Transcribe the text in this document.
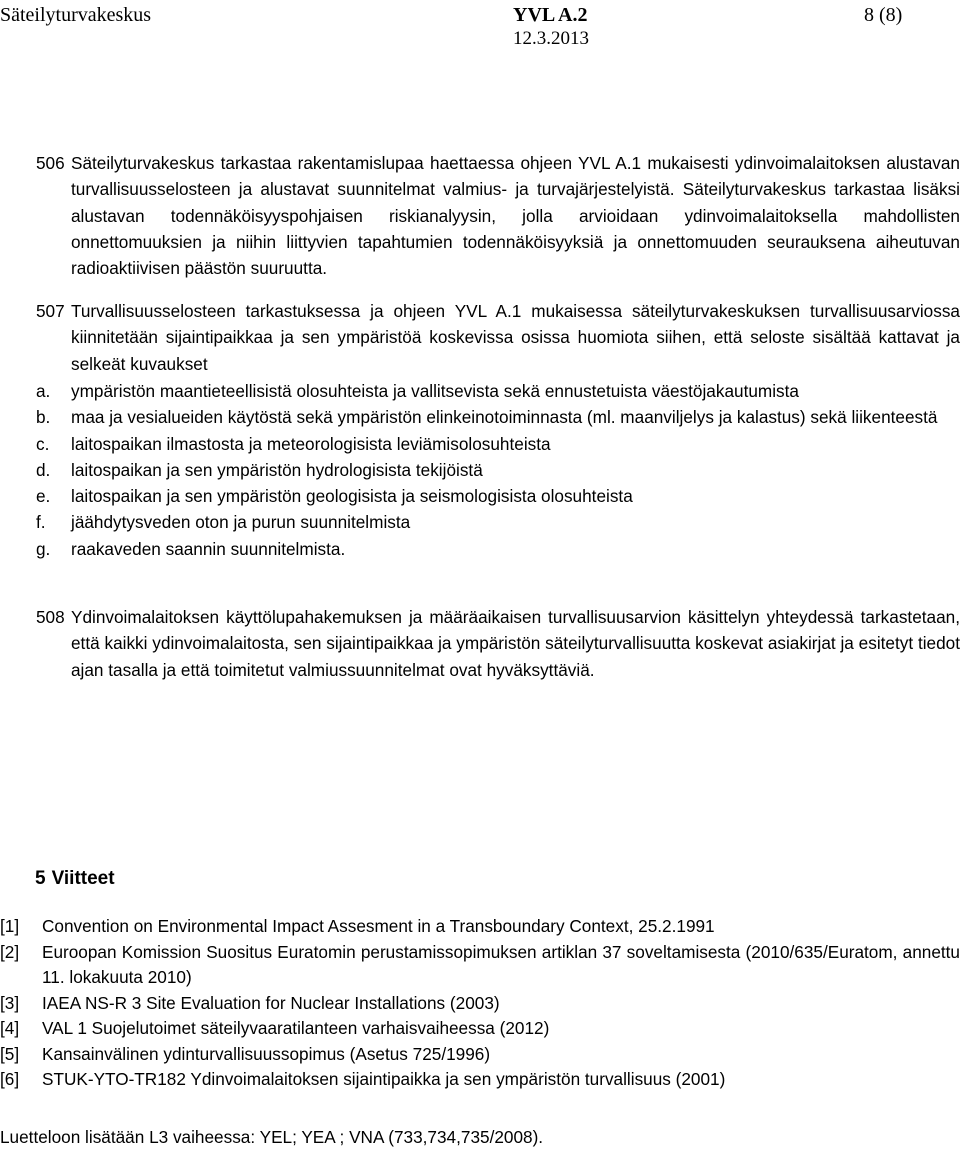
Säteilyturvakeskus	YVL A.2
12.3.2013
8 (8)
506 Säteilyturvakeskus tarkastaa rakentamislupaa haettaessa ohjeen YVL A.1 mukaisesti ydinvoimalaitoksen alustavan turvallisuusselosteen ja alustavat suunnitelmat valmius- ja turvajärjestelyistä. Säteilyturvakeskus tarkastaa lisäksi alustavan todennäköisyyspohjaisen riskianalyysin, jolla arvioidaan ydinvoimalaitoksella mahdollisten onnettomuuksien ja niihin liittyvien tapahtumien todennäköisyyksiä ja onnettomuuden seurauksena aiheutuvan radioaktiivisen päästön suuruutta.
507 Turvallisuusselosteen tarkastuksessa ja ohjeen YVL A.1 mukaisessa säteilyturvakeskuksen turvallisuusarviossa kiinnitetään sijaintipaikkaa ja sen ympäristöä koskevissa osissa huomiota siihen, että seloste sisältää kattavat ja selkeät kuvaukset
a. ympäristön maantieteellisistä olosuhteista ja vallitsevista sekä ennustetuista väestöjakautumista
b. maa ja vesialueiden käytöstä sekä ympäristön elinkeinotoiminnasta (ml. maanviljelys ja kalastus) sekä liikenteestä
c. laitospaikan ilmastosta ja meteorologisista leviämisolosuhteista
d. laitospaikan ja sen ympäristön hydrologisista tekijöistä
e. laitospaikan ja sen ympäristön geologisista ja seismologisista olosuhteista
f. jäähdytysveden oton ja purun suunnitelmista
g. raakaveden saannin suunnitelmista.
508 Ydinvoimalaitoksen käyttölupahakemuksen ja määräaikaisen turvallisuusarvion käsittelyn yhteydessä tarkastetaan, että kaikki ydinvoimalaitosta, sen sijaintipaikkaa ja ympäristön säteilyturvallisuutta koskevat asiakirjat ja esitetyt tiedot ajan tasalla ja että toimitetut valmiussuunnitelmat ovat hyväksyttäviä.
5 Viitteet
[1] Convention on Environmental Impact Assesment in a Transboundary Context, 25.2.1991
[2] Euroopan Komission Suositus Euratomin perustamissopimuksen artiklan 37 soveltamisesta (2010/635/Euratom, annettu 11. lokakuuta 2010)
[3] IAEA NS-R 3 Site Evaluation for Nuclear Installations (2003)
[4] VAL 1 Suojelutoimet säteilyvaaratilanteen varhaisvaiheessa (2012)
[5] Kansainvälinen ydinturvallisuussopimus (Asetus 725/1996)
[6] STUK-YTO-TR182 Ydinvoimalaitoksen sijaintipaikka ja sen ympäristön turvallisuus (2001)
Luetteloon lisätään L3 vaiheessa: YEL; YEA ; VNA (733,734,735/2008).
